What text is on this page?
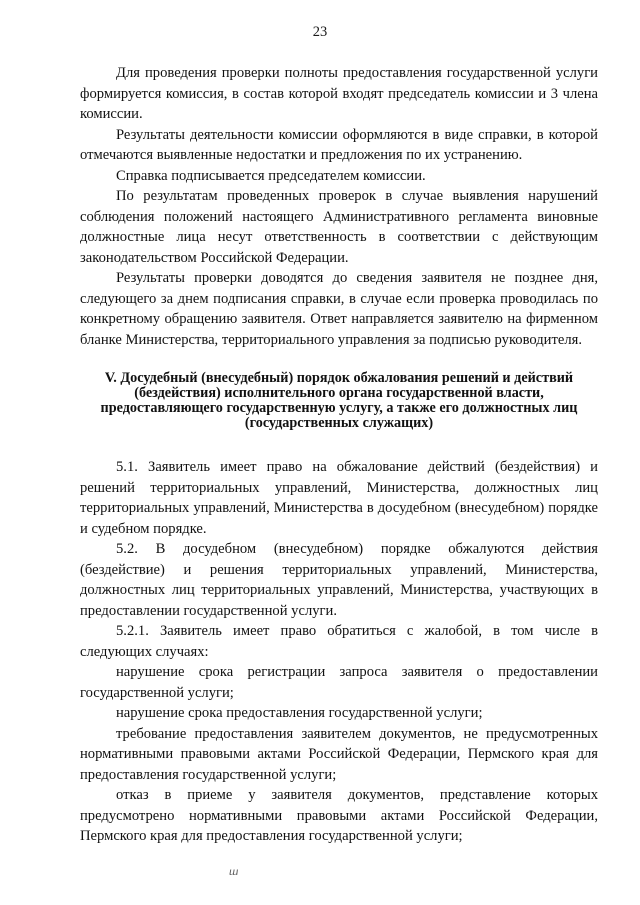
23

Для проведения проверки полноты предоставления государственной услуги формируется комиссия, в состав которой входят председатель комиссии и 3 члена комиссии.

Результаты деятельности комиссии оформляются в виде справки, в которой отмечаются выявленные недостатки и предложения по их устранению.

Справка подписывается председателем комиссии.

По результатам проведенных проверок в случае выявления нарушений соблюдения положений настоящего Административного регламента виновные должностные лица несут ответственность в соответствии с действующим законодательством Российской Федерации.

Результаты проверки доводятся до сведения заявителя не позднее дня, следующего за днем подписания справки, в случае если проверка проводилась по конкретному обращению заявителя. Ответ направляется заявителю на фирменном бланке Министерства, территориального управления за подписью руководителя.

V. Досудебный (внесудебный) порядок обжалования решений и действий
(бездействия) исполнительного органа государственной власти,
предоставляющего государственную услугу, а также его должностных лиц
(государственных служащих)

5.1. Заявитель имеет право на обжалование действий (бездействия) и решений территориальных управлений, Министерства, должностных лиц территориальных управлений, Министерства в досудебном (внесудебном) порядке и судебном порядке.

5.2. В досудебном (внесудебном) порядке обжалуются действия (бездействие) и решения территориальных управлений, Министерства, должностных лиц территориальных управлений, Министерства, участвующих в предоставлении государственной услуги.

5.2.1. Заявитель имеет право обратиться с жалобой, в том числе в следующих случаях:

нарушение срока регистрации запроса заявителя о предоставлении государственной услуги;

нарушение срока предоставления государственной услуги;

требование предоставления заявителем документов, не предусмотренных нормативными правовыми актами Российской Федерации, Пермского края для предоставления государственной услуги;

отказ в приеме у заявителя документов, представление которых предусмотрено нормативными правовыми актами Российской Федерации, Пермского края для предоставления государственной услуги;

ⴍ
